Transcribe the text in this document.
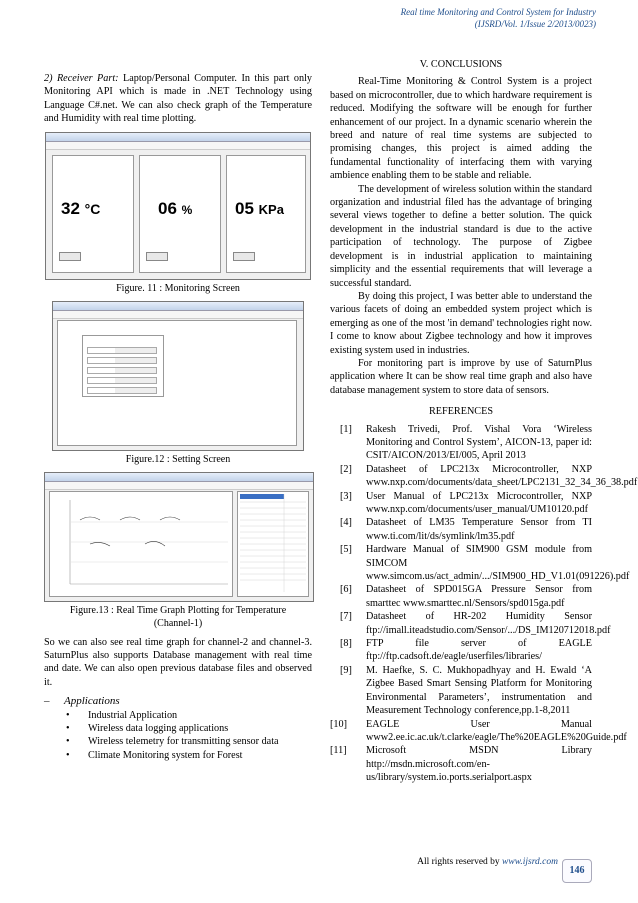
Real time Monitoring and Control System for Industry
(IJSRD/Vol. 1/Issue 2/2013/0023)

2) Receiver Part: Laptop/Personal Computer. In this part only Monitoring API which is made in .NET Technology using Language C#.net. We can also check graph of the Temperature and Humidity with real time plotting.

32 °C	06 %	05 KPa
Figure. 11 : Monitoring Screen
Figure.12 : Setting Screen
Figure.13 : Real Time Graph Plotting for Temperature
(Channel-1)

So we can also see real time graph for channel-2 and channel-3. SaturnPlus also supports Database management with real time and date. We can also open previous database files and observed it.

– Applications
• Industrial Application
• Wireless data logging applications
• Wireless telemetry for transmitting sensor data
• Climate Monitoring system for Forest
V. CONCLUSIONS

Real-Time Monitoring & Control System is a project based on microcontroller, due to which hardware requirement is reduced. Modifying the software will be enough for further enhancement of our project. In a dynamic scenario wherein the breed and nature of real time systems are subjected to promising changes, this project is aimed adding the fundamental functionality of interfacing them with varying ambience enabling them to be stable and reliable.

The development of wireless solution within the standard organization and industrial filed has the advantage of bringing several views together to define a better solution. The quick development in the industrial standard is due to the active participation of technology. The purpose of Zigbee development is in industrial application to maintaining simplicity and the essential requirements that will leverage a successful standard.

By doing this project, I was better able to understand the various facets of doing an embedded system project which is emerging as one of the most 'in demand' technologies right now. I come to know about Zigbee technology and how it improves existing system used in industries.

For monitoring part is improve by use of SaturnPlus application where It can be show real time graph and also have database management system to store data of sensors.

REFERENCES
[1] Rakesh Trivedi, Prof. Vishal Vora ‘Wireless Monitoring and Control System’, AICON-13, paper id: CSIT/AICON/2013/EI/005, April 2013
[2] Datasheet of LPC213x Microcontroller, NXP www.nxp.com/documents/data_sheet/LPC2131_32_34_36_38.pdf
[3] User Manual of LPC213x Microcontroller, NXP www.nxp.com/documents/user_manual/UM10120.pdf
[4] Datasheet of LM35 Temperature Sensor from TI www.ti.com/lit/ds/symlink/lm35.pdf
[5] Hardware Manual of SIM900 GSM module from SIMCOM www.simcom.us/act_admin/.../SIM900_HD_V1.01(091226).pdf
[6] Datasheet of SPD015GA Pressure Sensor from smarttec www.smarttec.nl/Sensors/spd015ga.pdf
[7] Datasheet of HR-202 Humidity Sensor ftp://imall.iteadstudio.com/Sensor/.../DS_IM120712018.pdf
[8] FTP file server of EAGLE ftp://ftp.cadsoft.de/eagle/userfiles/libraries/
[9] M. Haefke, S. C. Mukhopadhyay and H. Ewald ‘A Zigbee Based Smart Sensing Platform for Monitoring Environmental Parameters’, instrumentation and Measurement Technology conference,pp.1-8,2011
[10] EAGLE User Manual www2.ee.ic.ac.uk/t.clarke/eagle/The%20EAGLE%20Guide.pdf
[11] Microsoft MSDN Library http://msdn.microsoft.com/en-us/library/system.io.ports.serialport.aspx
All rights reserved by www.ijsrd.com
146
